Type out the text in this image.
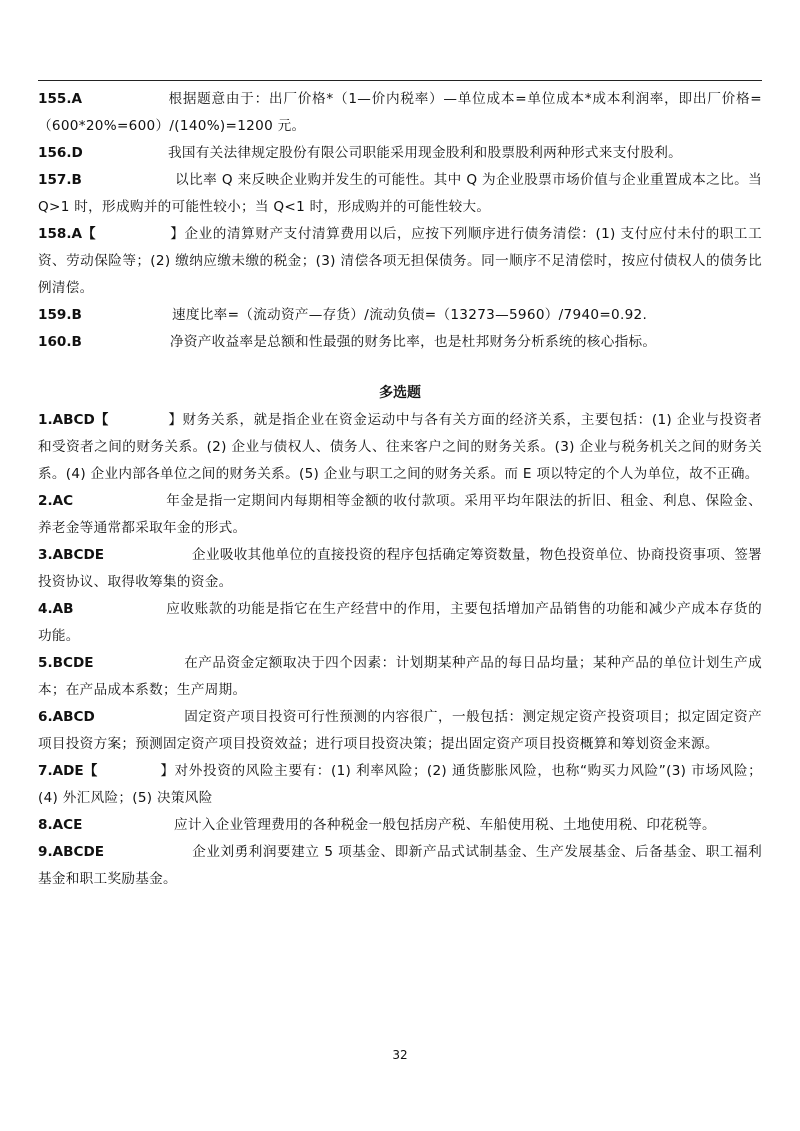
155.A	根据题意由于：出厂价格*（1—价内税率）—单位成本=单位成本*成本利润率，即出厂价格=（600*20%=600）/(140%)=1200 元。
156.D	我国有关法律规定股份有限公司职能采用现金股利和股票股利两种形式来支付股利。
157.B	以比率 Q 来反映企业购并发生的可能性。其中 Q 为企业股票市场价值与企业重置成本之比。当 Q>1 时，形成购并的可能性较小；当 Q<1 时，形成购并的可能性较大。
158.A【	】企业的清算财产支付清算费用以后，应按下列顺序进行债务清偿：(1) 支付应付未付的职工工资、劳动保险等；(2) 缴纳应缴未缴的税金；(3) 清偿各项无担保债务。同一顺序不足清偿时，按应付债权人的债务比例清偿。
159.B	速度比率=（流动资产—存货）/流动负债=（13273—5960）/7940=0.92.
160.B	净资产收益率是总额和性最强的财务比率，也是杜邦财务分析系统的核心指标。
多选题
1.ABCD【	】财务关系，就是指企业在资金运动中与各有关方面的经济关系，主要包括：(1) 企业与投资者和受资者之间的财务关系。(2) 企业与债权人、债务人、往来客户之间的财务关系。(3) 企业与税务机关之间的财务关系。(4) 企业内部各单位之间的财务关系。(5) 企业与职工之间的财务关系。而 E 项以特定的个人为单位，故不正确。
2.AC	年金是指一定期间内每期相等金额的收付款项。采用平均年限法的折旧、租金、利息、保险金、养老金等通常都采取年金的形式。
3.ABCDE	企业吸收其他单位的直接投资的程序包括确定筹资数量，物色投资单位、协商投资事项、签署投资协议、取得收筹集的资金。
4.AB	应收账款的功能是指它在生产经营中的作用，主要包括增加产品销售的功能和减少产成本存货的功能。
5.BCDE	在产品资金定额取决于四个因素：计划期某种产品的每日品均量；某种产品的单位计划生产成本；在产品成本系数；生产周期。
6.ABCD	固定资产项目投资可行性预测的内容很广，一般包括：测定规定资产投资项目；拟定固定资产项目投资方案；预测固定资产项目投资效益；进行项目投资决策；提出固定资产项目投资概算和筹划资金来源。
7.ADE【	】对外投资的风险主要有：(1) 利率风险；(2) 通货膨胀风险，也称“购买力风险”(3) 市场风险；(4) 外汇风险；(5) 决策风险
8.ACE	应计入企业管理费用的各种税金一般包括房产税、车船使用税、土地使用税、印花税等。
9.ABCDE	企业刘勇利润要建立 5 项基金、即新产品式试制基金、生产发展基金、后备基金、职工福利基金和职工奖励基金。
32
